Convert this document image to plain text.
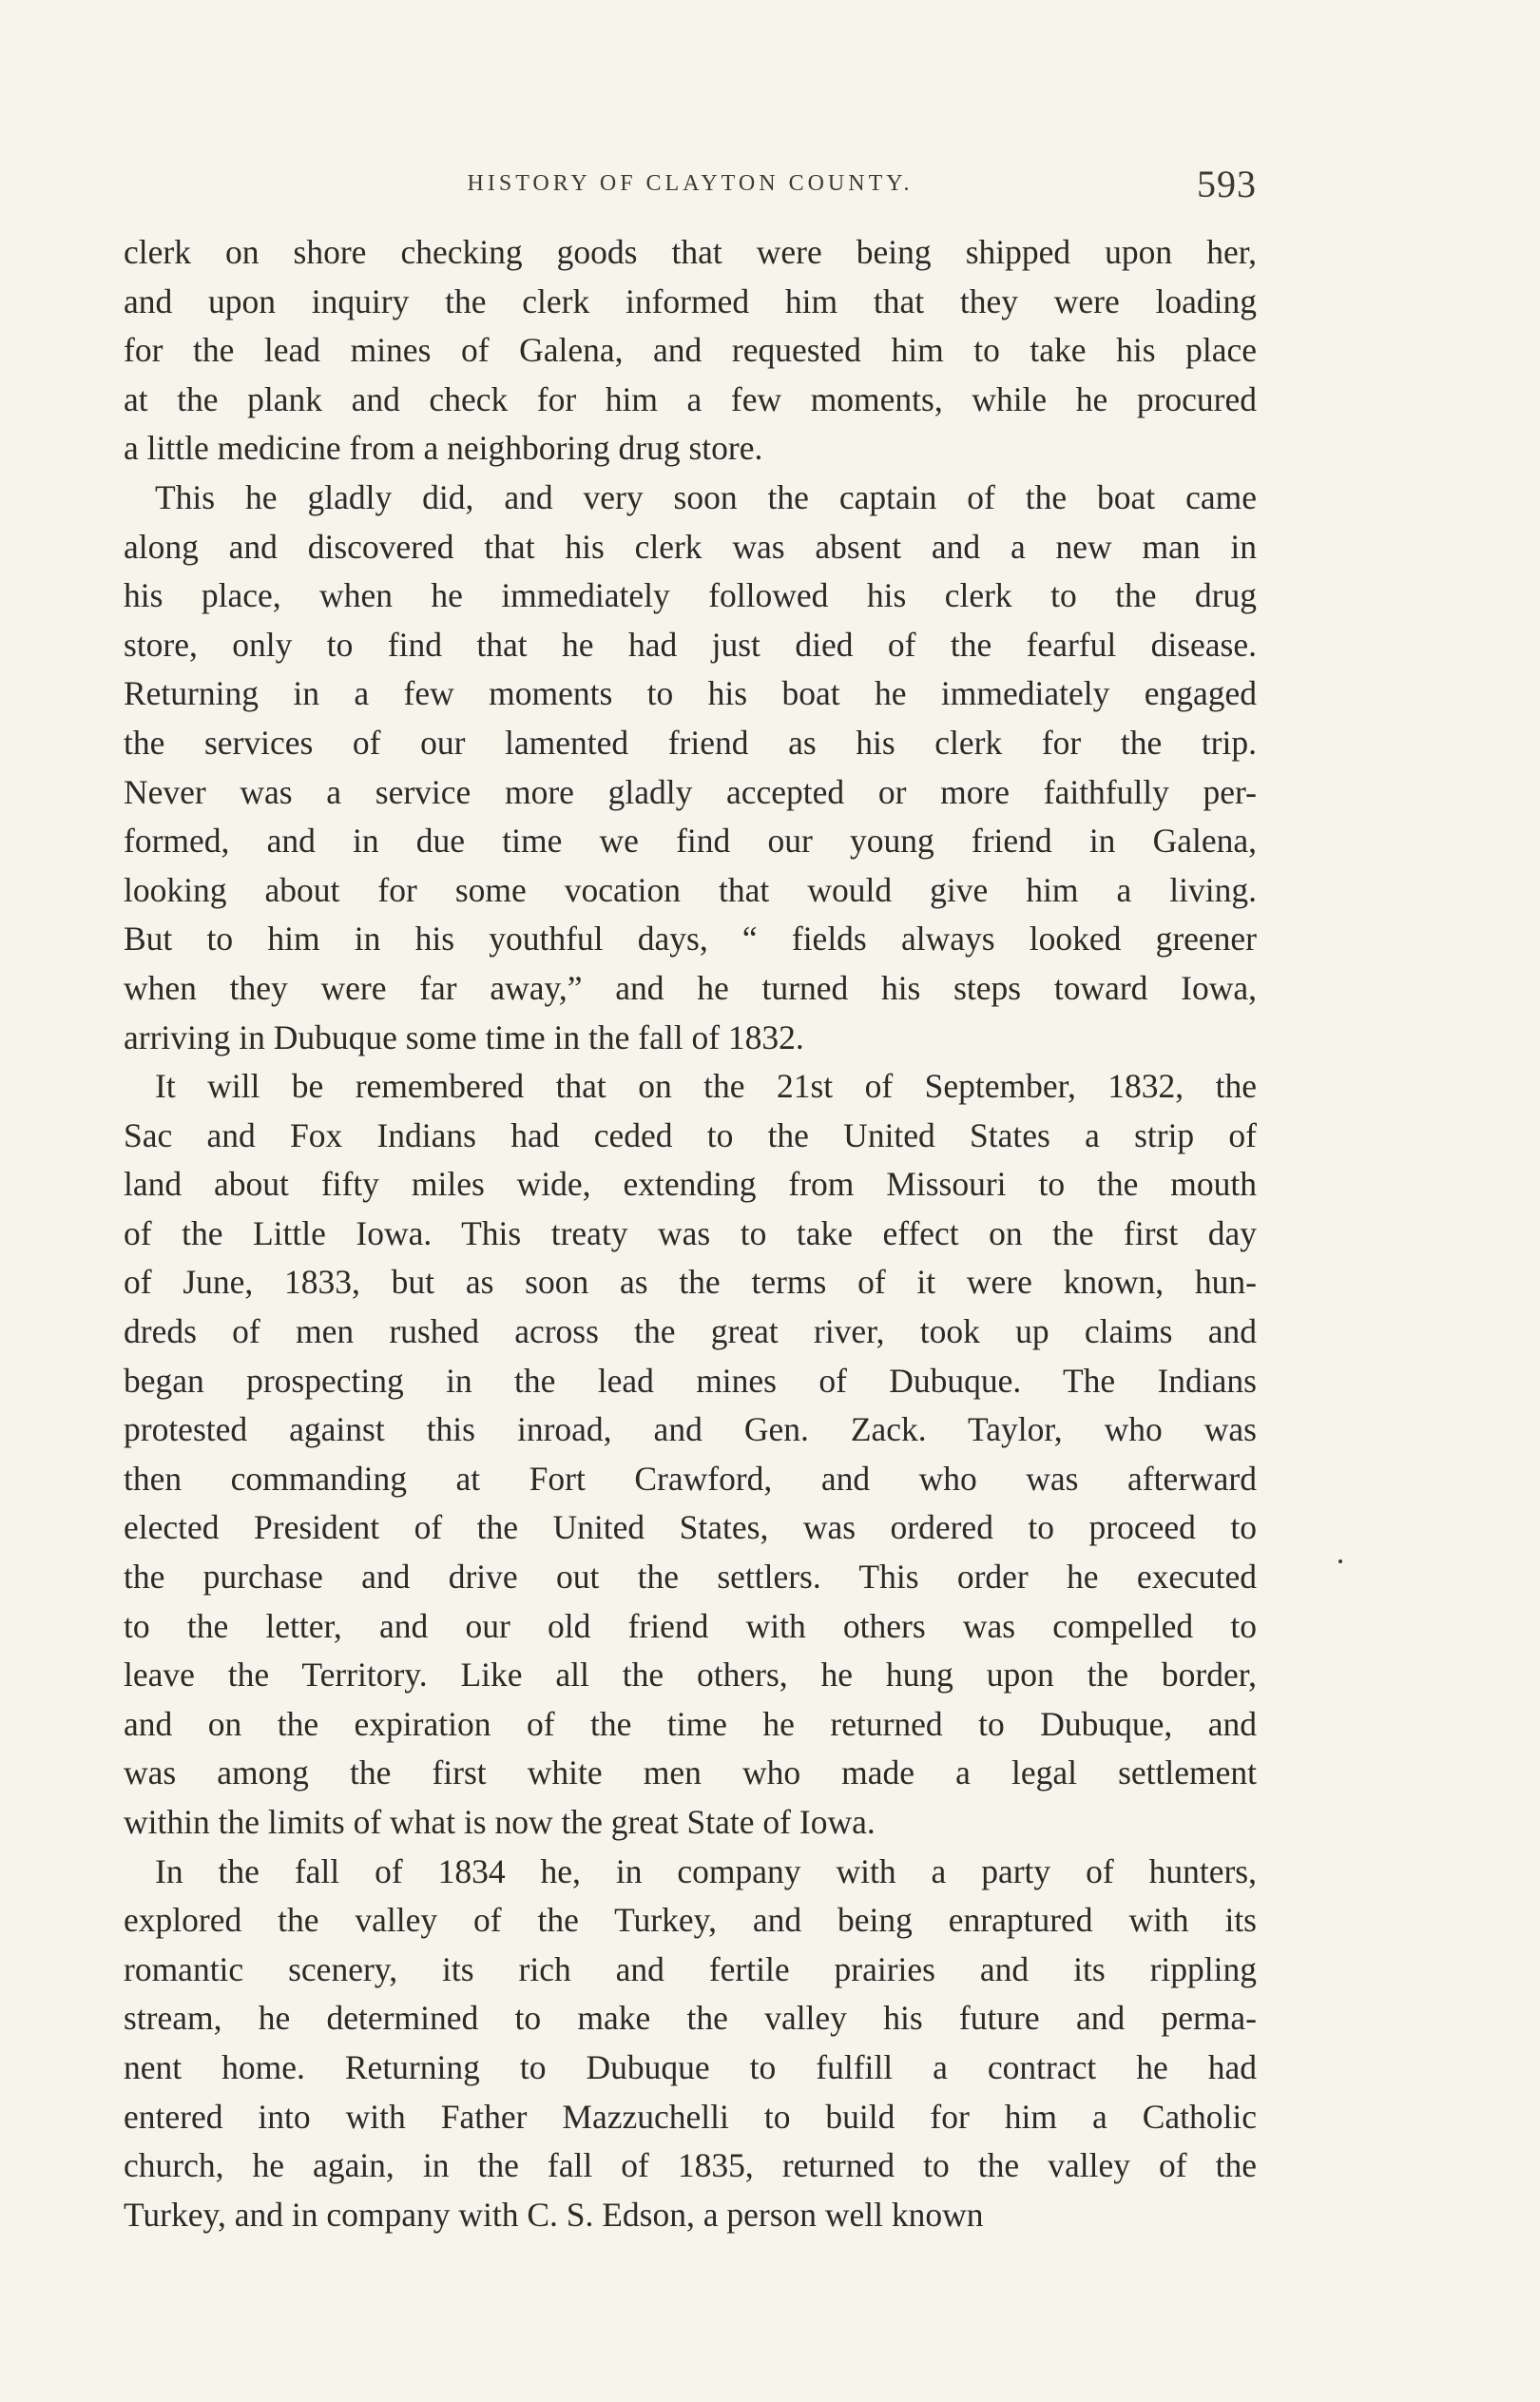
HISTORY OF CLAYTON COUNTY.	593

clerk on shore checking goods that were being shipped upon her,
and upon inquiry the clerk informed him that they were loading
for the lead mines of Galena, and requested him to take his place
at the plank and check for him a few moments, while he procured
a little medicine from a neighboring drug store.

This he gladly did, and very soon the captain of the boat came
along and discovered that his clerk was absent and a new man in
his place, when he immediately followed his clerk to the drug
store, only to find that he had just died of the fearful disease.
Returning in a few moments to his boat he immediately engaged
the services of our lamented friend as his clerk for the trip.
Never was a service more gladly accepted or more faithfully per-
formed, and in due time we find our young friend in Galena,
looking about for some vocation that would give him a living.
But to him in his youthful days, “ fields always looked greener
when they were far away,” and he turned his steps toward Iowa,
arriving in Dubuque some time in the fall of 1832.

It will be remembered that on the 21st of September, 1832, the
Sac and Fox Indians had ceded to the United States a strip of
land about fifty miles wide, extending from Missouri to the mouth
of the Little Iowa. This treaty was to take effect on the first day
of June, 1833, but as soon as the terms of it were known, hun-
dreds of men rushed across the great river, took up claims and
began prospecting in the lead mines of Dubuque. The Indians
protested against this inroad, and Gen. Zack. Taylor, who was
then commanding at Fort Crawford, and who was afterward
elected President of the United States, was ordered to proceed to
the purchase and drive out the settlers. This order he executed
to the letter, and our old friend with others was compelled to
leave the Territory. Like all the others, he hung upon the border,
and on the expiration of the time he returned to Dubuque, and
was among the first white men who made a legal settlement
within the limits of what is now the great State of Iowa.

In the fall of 1834 he, in company with a party of hunters,
explored the valley of the Turkey, and being enraptured with its
romantic scenery, its rich and fertile prairies and its rippling
stream, he determined to make the valley his future and perma-
nent home. Returning to Dubuque to fulfill a contract he had
entered into with Father Mazzuchelli to build for him a Catholic
church, he again, in the fall of 1835, returned to the valley of the
Turkey, and in company with C. S. Edson, a person well known
